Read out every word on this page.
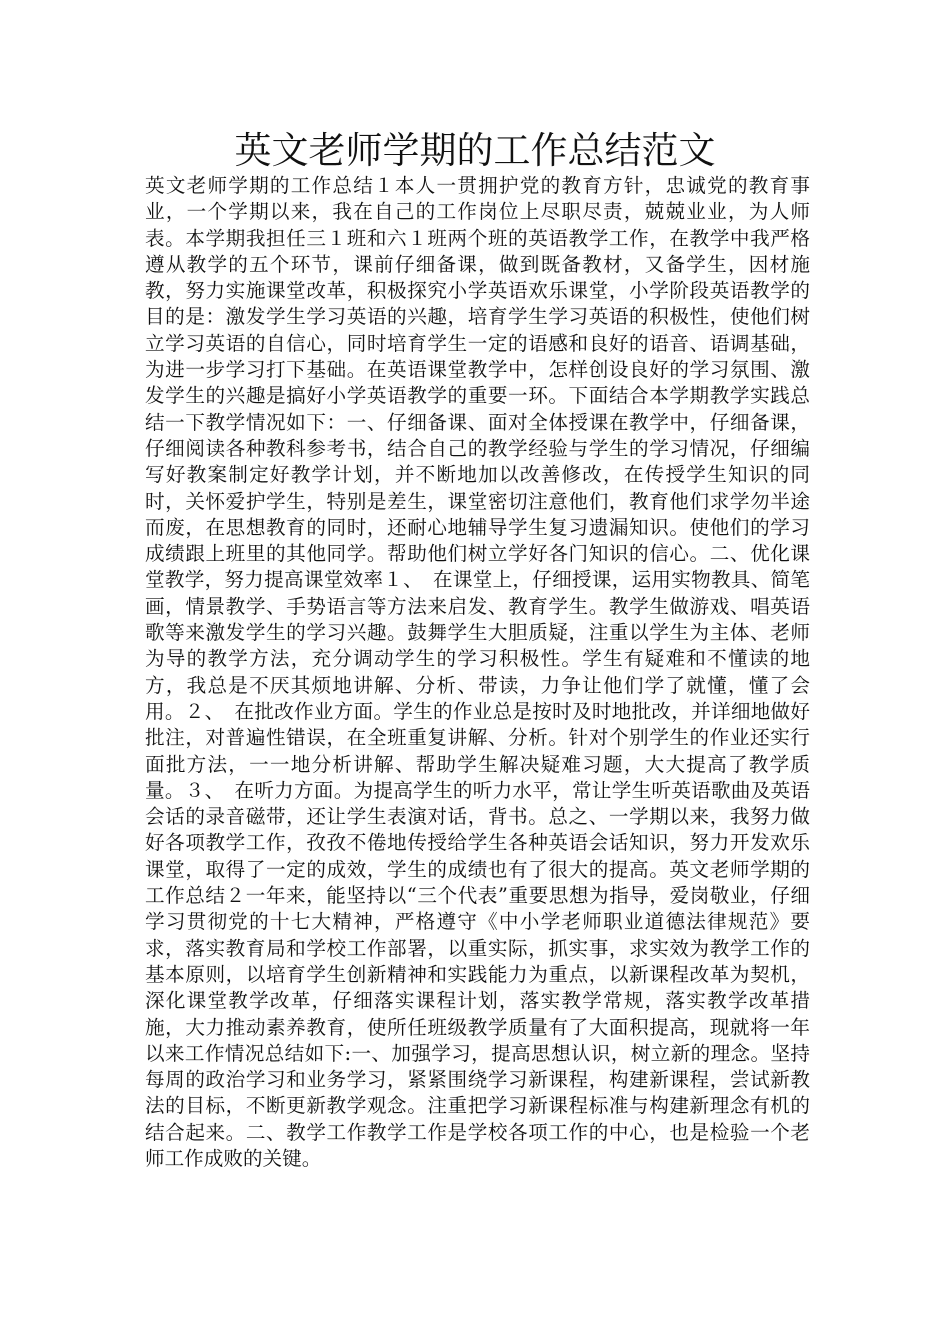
英文老师学期的工作总结范文

英文老师学期的工作总结１本人一贯拥护党的教育方针，忠诚党的教育事业，一个学期以来，我在自己的工作岗位上尽职尽责，兢兢业业，为人师表。本学期我担任三１班和六１班两个班的英语教学工作，在教学中我严格遵从教学的五个环节，课前仔细备课，做到既备教材，又备学生，因材施教，努力实施课堂改革，积极探究小学英语欢乐课堂，小学阶段英语教学的目的是：激发学生学习英语的兴趣，培育学生学习英语的积极性，使他们树立学习英语的自信心，同时培育学生一定的语感和良好的语音、语调基础，为进一步学习打下基础。在英语课堂教学中，怎样创设良好的学习氛围、激发学生的兴趣是搞好小学英语教学的重要一环。下面结合本学期教学实践总结一下教学情况如下：一、仔细备课、面对全体授课在教学中，仔细备课，仔细阅读各种教科参考书，结合自己的教学经验与学生的学习情况，仔细编写好教案制定好教学计划，并不断地加以改善修改，在传授学生知识的同时，关怀爱护学生，特别是差生，课堂密切注意他们，教育他们求学勿半途而废，在思想教育的同时，还耐心地辅导学生复习遗漏知识。使他们的学习成绩跟上班里的其他同学。帮助他们树立学好各门知识的信心。二、优化课堂教学，努力提高课堂效率１、　在课堂上，仔细授课，运用实物教具、简笔画，情景教学、手势语言等方法来启发、教育学生。教学生做游戏、唱英语歌等来激发学生的学习兴趣。鼓舞学生大胆质疑，注重以学生为主体、老师为导的教学方法，充分调动学生的学习积极性。学生有疑难和不懂读的地方，我总是不厌其烦地讲解、分析、带读，力争让他们学了就懂，懂了会用。２、　在批改作业方面。学生的作业总是按时及时地批改，并详细地做好批注，对普遍性错误，在全班重复讲解、分析。针对个别学生的作业还实行面批方法，一一地分析讲解、帮助学生解决疑难习题，大大提高了教学质量。３、　在听力方面。为提高学生的听力水平，常让学生听英语歌曲及英语会话的录音磁带，还让学生表演对话，背书。总之、一学期以来，我努力做好各项教学工作，孜孜不倦地传授给学生各种英语会话知识，努力开发欢乐课堂，取得了一定的成效，学生的成绩也有了很大的提高。英文老师学期的工作总结２一年来，能坚持以“三个代表”重要思想为指导，爱岗敬业，仔细学习贯彻党的十七大精神，严格遵守《中小学老师职业道德法律规范》要求，落实教育局和学校工作部署，以重实际，抓实事，求实效为教学工作的基本原则，以培育学生创新精神和实践能力为重点，以新课程改革为契机，深化课堂教学改革，仔细落实课程计划，落实教学常规，落实教学改革措施，大力推动素养教育，使所任班级教学质量有了大面积提高，现就将一年以来工作情况总结如下:一、加强学习，提高思想认识，树立新的理念。坚持每周的政治学习和业务学习，紧紧围绕学习新课程，构建新课程，尝试新教法的目标，不断更新教学观念。注重把学习新课程标准与构建新理念有机的结合起来。二、教学工作教学工作是学校各项工作的中心，也是检验一个老师工作成败的关键。
